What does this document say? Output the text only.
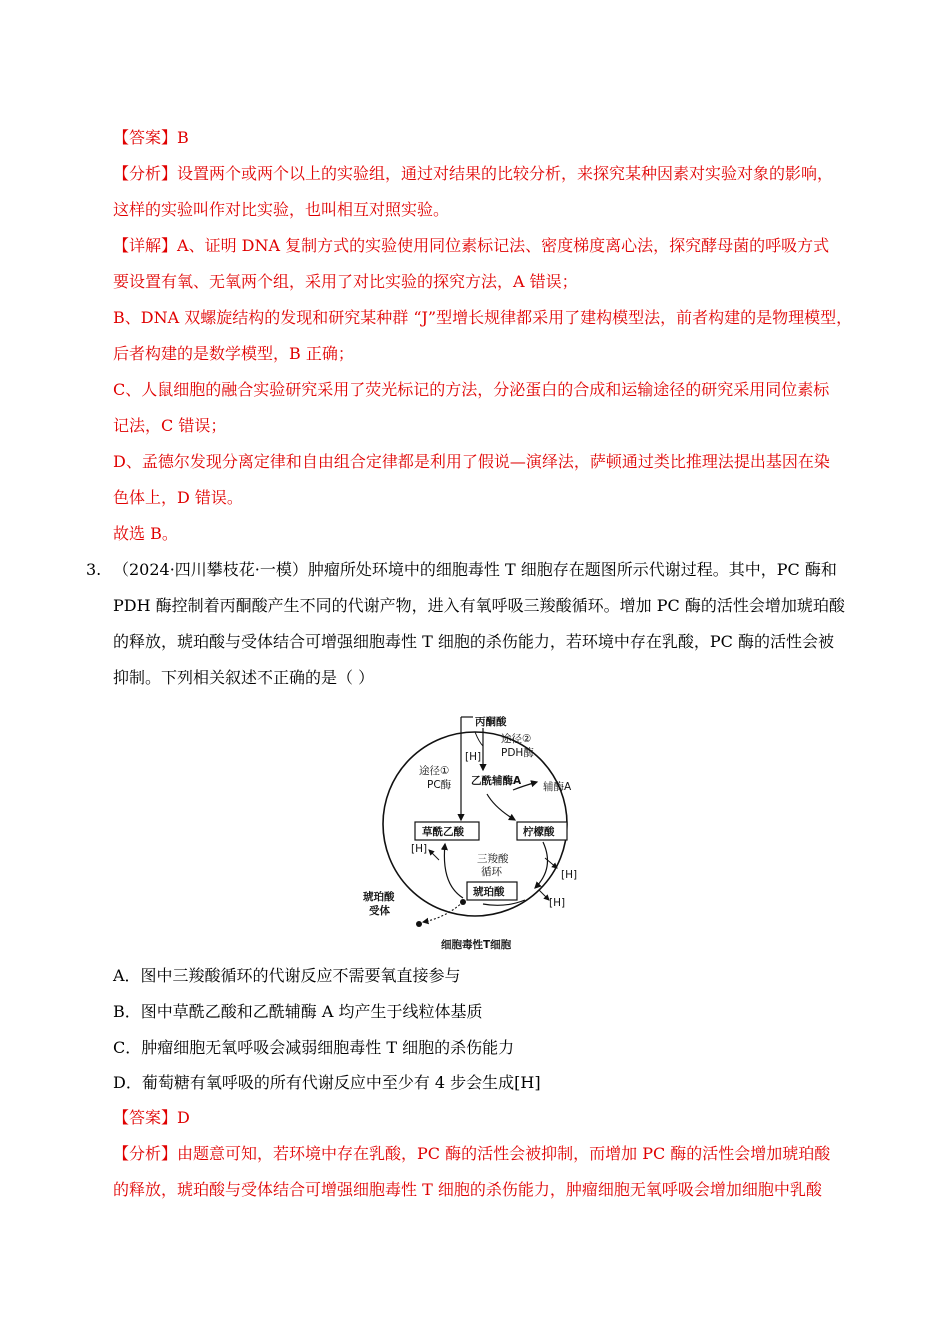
【答案】B
【分析】设置两个或两个以上的实验组，通过对结果的比较分析，来探究某种因素对实验对象的影响，
这样的实验叫作对比实验，也叫相互对照实验。
【详解】A、证明 DNA 复制方式的实验使用同位素标记法、密度梯度离心法，探究酵母菌的呼吸方式
要设置有氧、无氧两个组，采用了对比实验的探究方法，A 错误；
B、DNA 双螺旋结构的发现和研究某种群 “J”型增长规律都采用了建构模型法，前者构建的是物理模型，
后者构建的是数学模型，B 正确；
C、人鼠细胞的融合实验研究采用了荧光标记的方法，分泌蛋白的合成和运输途径的研究采用同位素标
记法，C 错误；
D、孟德尔发现分离定律和自由组合定律都是利用了假说—演绎法，萨顿通过类比推理法提出基因在染
色体上，D 错误。
故选 B。
3. （2024·四川攀枝花·一模）肿瘤所处环境中的细胞毒性 T 细胞存在题图所示代谢过程。其中，PC 酶和
PDH 酶控制着丙酮酸产生不同的代谢产物，进入有氧呼吸三羧酸循环。增加 PC 酶的活性会增加琥珀酸
的释放，琥珀酸与受体结合可增强细胞毒性 T 细胞的杀伤能力，若环境中存在乳酸，PC 酶的活性会被
抑制。下列相关叙述不正确的是（ ）
丙酮酸
途径②
PDH酶
[H]
途径①
PC酶 乙酰辅酶A 辅酶A
草酰乙酸	柠檬酸
琥珀酸
三羧酸
循环
[H]
[H]
[H]
琥珀酸
受体
细胞毒性T细胞
A．图中三羧酸循环的代谢反应不需要氧直接参与
B．图中草酰乙酸和乙酰辅酶 A 均产生于线粒体基质
C．肿瘤细胞无氧呼吸会减弱细胞毒性 T 细胞的杀伤能力
D．葡萄糖有氧呼吸的所有代谢反应中至少有 4 步会生成[H]
【答案】D
【分析】由题意可知，若环境中存在乳酸，PC 酶的活性会被抑制，而增加 PC 酶的活性会增加琥珀酸
的释放，琥珀酸与受体结合可增强细胞毒性 T 细胞的杀伤能力，肿瘤细胞无氧呼吸会增加细胞中乳酸
